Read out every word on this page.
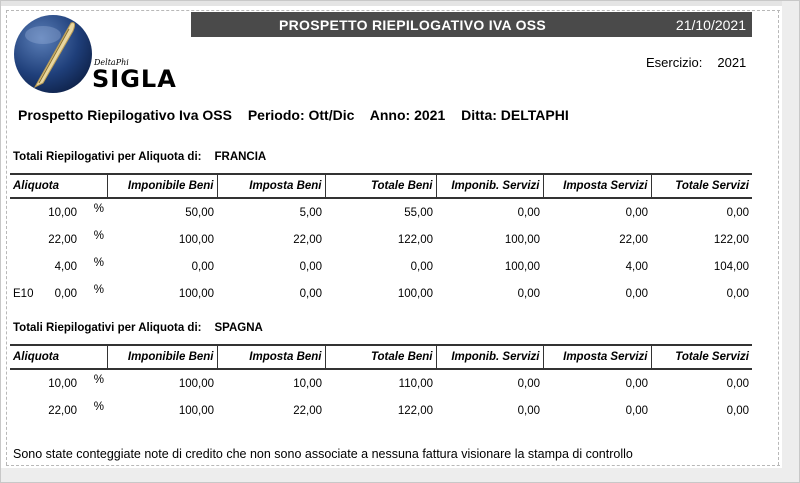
DeltaPhi
SIGLA
PROSPETTO RIEPILOGATIVO IVA OSS	21/10/2021
Esercizio: 2021
Prospetto Riepilogativo Iva OSS Periodo: Ott/Dic Anno: 2021 Ditta: DELTAPHI
Totali Riepilogativi per Aliquota di: FRANCIA
Aliquota	Imponibile Beni	Imposta Beni	Totale Beni	Imponib. Servizi	Imposta Servizi	Totale Servizi

10,00 %	50,00	5,00	55,00	0,00	0,00	0,00

22,00 %	100,00	22,00	122,00	100,00	22,00	122,00

4,00 %	0,00	0,00	0,00	100,00	4,00	104,00

E10 0,00 %	100,00	0,00	100,00	0,00	0,00	0,00
Totali Riepilogativi per Aliquota di: SPAGNA
Aliquota	Imponibile Beni	Imposta Beni	Totale Beni	Imponib. Servizi	Imposta Servizi	Totale Servizi

10,00 %	100,00	10,00	110,00	0,00	0,00	0,00

22,00 %	100,00	22,00	122,00	0,00	0,00	0,00
Sono state conteggiate note di credito che non sono associate a nessuna fattura visionare la stampa di controllo
